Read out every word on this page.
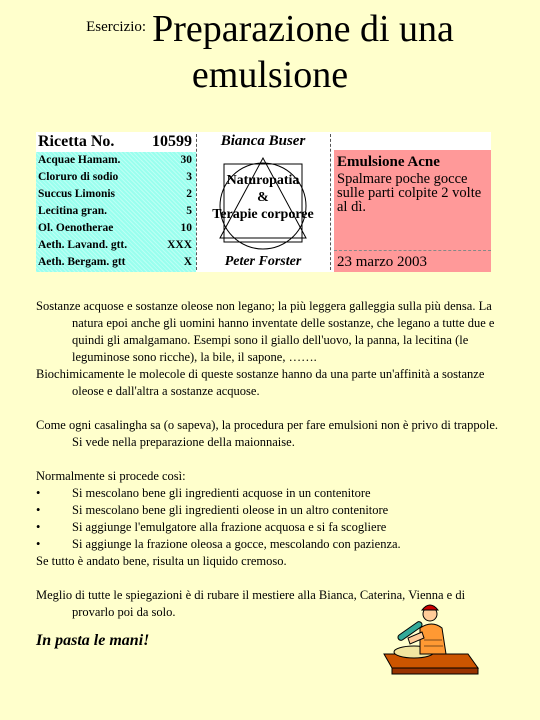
Esercizio: Preparazione di una
emulsione
Ricetta No. 10599
Acquae Hamam.	30
Cloruro di sodio	3
Succus Limonis	2
Lecitina gran.	5
Ol. Oenotherae	10
Aeth. Lavand. gtt.	XXX
Aeth. Bergam. gtt	X
Bianca Buser
Naturopatia
&
Terapie corporee
Peter Forster
Emulsione Acne
Spalmare poche gocce sulle parti colpite 2 volte al dì.
23 marzo 2003

Sostanze acquose e sostanze oleose non legano; la più leggera galleggia sulla più densa. La natura epoi anche gli uomini hanno inventate delle sostanze, che legano a tutte due e quindi gli amalgamano. Esempi sono il giallo dell'uovo, la panna, la lecitina (le leguminose sono ricche), la bile, il sapone, …….

Biochimicamente le molecole di queste sostanze hanno da una parte un'affinità a sostanze oleose e dall'altra a sostanze acquose.

Come ogni casalingha sa (o sapeva), la procedura per fare emulsioni non è privo di trappole. Si vede nella preparazione della maionnaise.

Normalmente si procede così:

•	Si mescolano bene gli ingredienti acquose in un contenitore
•	Si mescolano bene gli ingredienti oleose in un altro contenitore
•	Si aggiunge l'emulgatore alla frazione acquosa e si fa scogliere
•	Si aggiunge la frazione oleosa a gocce, mescolando con pazienza.

Se tutto è andato bene, risulta un liquido cremoso.

Meglio di tutte le spiegazioni è di rubare il mestiere alla Bianca, Caterina, Vienna e di provarlo poi da solo.

In pasta le mani!
